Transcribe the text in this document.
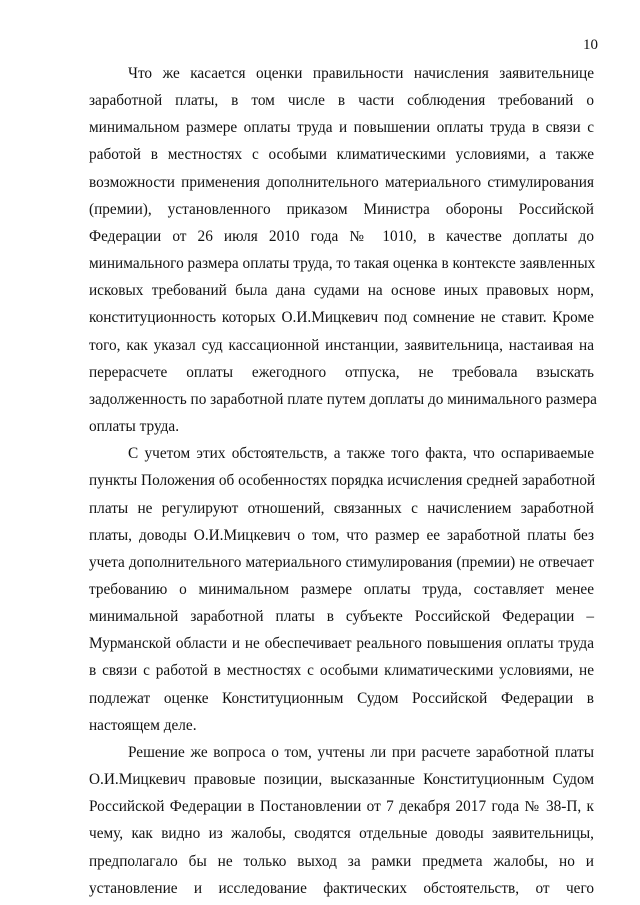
10
Что же касается оценки правильности начисления заявительнице
заработной платы, в том числе в части соблюдения требований о
минимальном размере оплаты труда и повышении оплаты труда в связи с
работой в местностях с особыми климатическими условиями, а также
возможности применения дополнительного материального стимулирования
(премии), установленного приказом Министра обороны Российской
Федерации от 26 июля 2010 года № 1010, в качестве доплаты до
минимального размера оплаты труда, то такая оценка в контексте заявленных
исковых требований была дана судами на основе иных правовых норм,
конституционность которых О.И.Мицкевич под сомнение не ставит. Кроме
того, как указал суд кассационной инстанции, заявительница, настаивая на
перерасчете оплаты ежегодного отпуска, не требовала взыскать
задолженность по заработной плате путем доплаты до минимального размера
оплаты труда.
С учетом этих обстоятельств, а также того факта, что оспариваемые
пункты Положения об особенностях порядка исчисления средней заработной
платы не регулируют отношений, связанных с начислением заработной
платы, доводы О.И.Мицкевич о том, что размер ее заработной платы без
учета дополнительного материального стимулирования (премии) не отвечает
требованию о минимальном размере оплаты труда, составляет менее
минимальной заработной платы в субъекте Российской Федерации –
Мурманской области и не обеспечивает реального повышения оплаты труда
в связи с работой в местностях с особыми климатическими условиями, не
подлежат оценке Конституционным Судом Российской Федерации в
настоящем деле.
Решение же вопроса о том, учтены ли при расчете заработной платы
О.И.Мицкевич правовые позиции, высказанные Конституционным Судом
Российской Федерации в Постановлении от 7 декабря 2017 года № 38-П, к
чему, как видно из жалобы, сводятся отдельные доводы заявительницы,
предполагало бы не только выход за рамки предмета жалобы, но и
установление и исследование фактических обстоятельств, от чего
